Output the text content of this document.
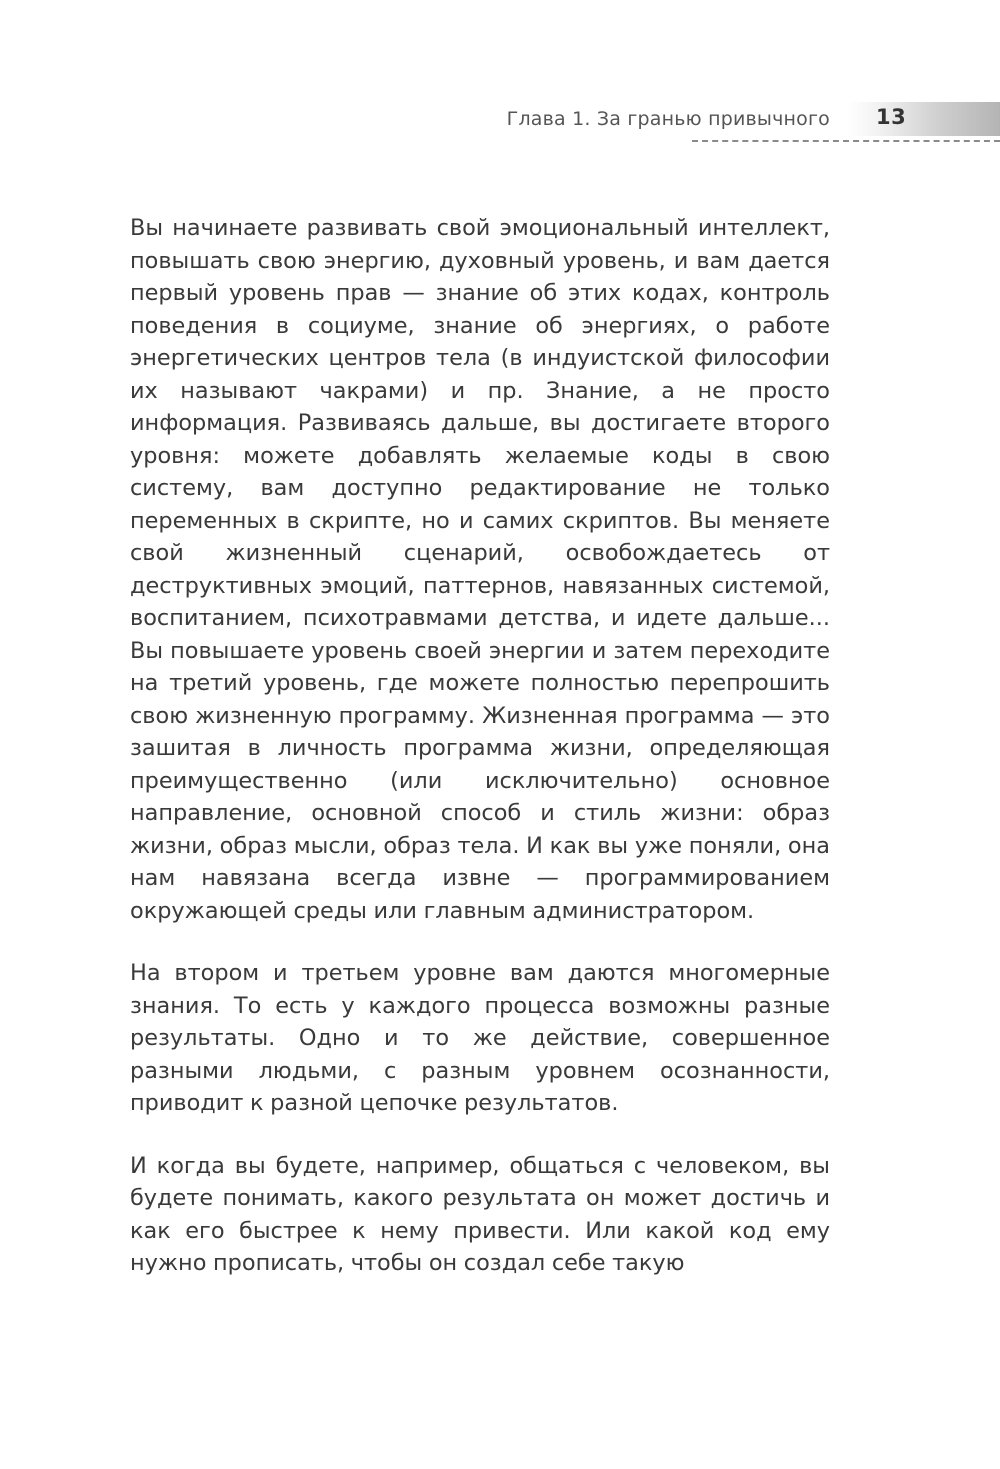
Глава 1. За гранью привычного 13

Вы начинаете развивать свой эмоциональный интеллект, повышать свою энергию, духовный уровень, и вам дается первый уровень прав — знание об этих кодах, контроль поведения в социуме, знание об энергиях, о работе энергетических центров тела (в индуистской философии их называют чакрами) и пр. Знание, а не просто информация. Развиваясь дальше, вы достигаете второго уровня: можете добавлять желаемые коды в свою систему, вам доступно редактирование не только переменных в скрипте, но и самих скриптов. Вы меняете свой жизненный сценарий, освобождаетесь от деструктивных эмоций, паттернов, навязанных системой, воспитанием, психотравмами детства, и идете дальше... Вы повышаете уровень своей энергии и затем переходите на третий уровень, где можете полностью перепрошить свою жизненную программу. Жизненная программа — это зашитая в личность программа жизни, определяющая преимущественно (или исключительно) основное направление, основной способ и стиль жизни: образ жизни, образ мысли, образ тела. И как вы уже поняли, она нам навязана всегда извне — программированием окружающей среды или главным администратором.

На втором и третьем уровне вам даются многомерные знания. То есть у каждого процесса возможны разные результаты. Одно и то же действие, совершенное разными людьми, с разным уровнем осознанности, приводит к разной цепочке результатов.

И когда вы будете, например, общаться с человеком, вы будете понимать, какого результата он может достичь и как его быстрее к нему привести. Или какой код ему нужно прописать, чтобы он создал себе такую
